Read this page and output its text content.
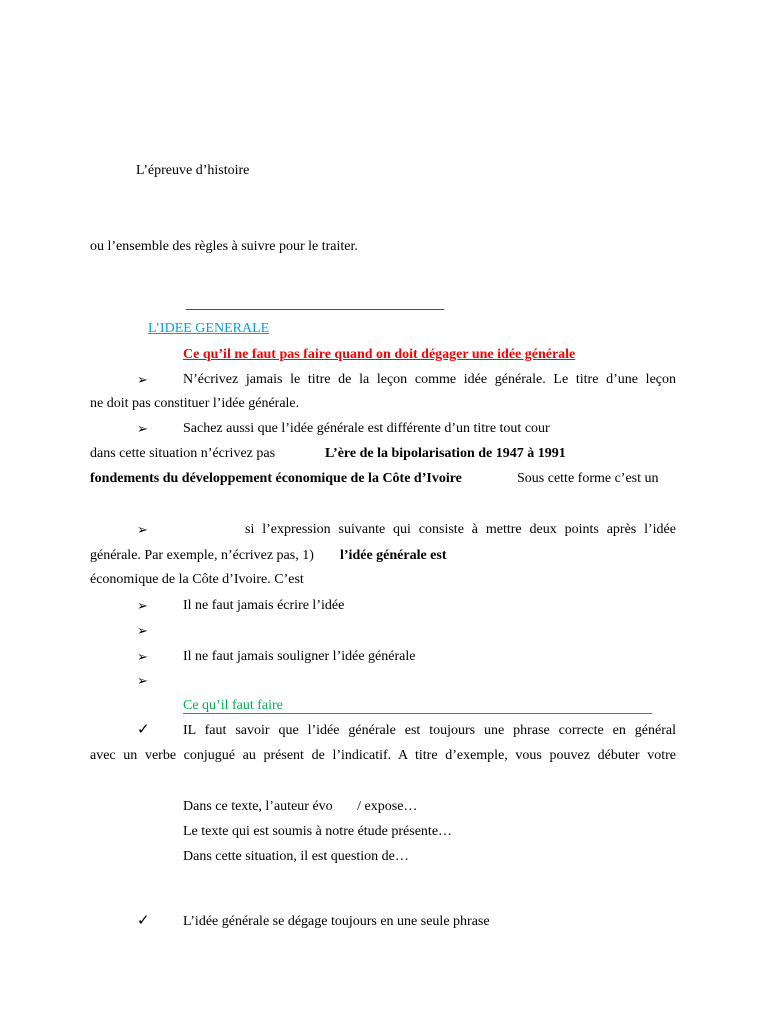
L’épreuve d’histoire
ou l’ensemble des règles à suivre pour le traiter.
L’IDEE GENERALE
Ce qu’il ne faut pas faire quand on doit dégager une idée générale
➢	N’écrivez jamais le titre de la leçon comme idée générale. Le titre d’une leçon
ne doit pas constituer l’idée générale.
➢	Sachez aussi que l’idée générale est différente d’un titre tout cour
dans cette situation n’écrivez pas	L’ère de la bipolarisation de 1947 à 1991
fondements du développement économique de la Côte d’Ivoire	Sous cette forme c’est un
➢	si l’expression suivante qui consiste à mettre deux points après l’idée
générale. Par exemple, n’écrivez pas, 1) l’idée générale est
économique de la Côte d’Ivoire. C’est
➢	Il ne faut jamais écrire l’idée
➢
➢	Il ne faut jamais souligner l’idée générale
➢
Ce qu’il faut faire
✓ IL faut savoir que l’idée générale est toujours une phrase correcte en général
avec un verbe conjugué au présent de l’indicatif. A titre d’exemple, vous pouvez débuter votre
Dans ce texte, l’auteur évo       / expose…
Le texte qui est soumis à notre étude présente…
Dans cette situation, il est question de…
✓ L’idée générale se dégage toujours en une seule phrase
